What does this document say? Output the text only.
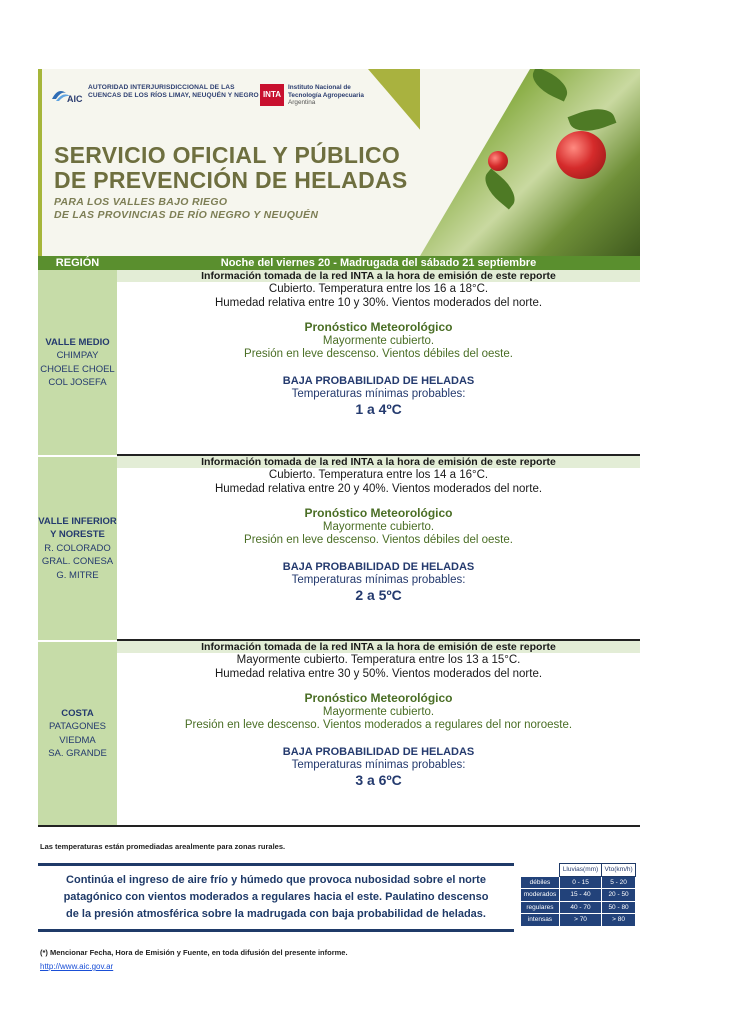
AIC
AUTORIDAD INTERJURISDICCIONAL DE LAS
CUENCAS DE LOS RÍOS LIMAY, NEUQUÉN Y NEGRO INTA
Instituto Nacional de
Tecnología Agropecuaria
Argentina
SERVICIO OFICIAL Y PÚBLICO
DE PREVENCIÓN DE HELADAS
PARA LOS VALLES BAJO RIEGO
DE LAS PROVINCIAS DE RÍO NEGRO Y NEUQUÉN
REGIÓN	Noche del viernes 20 - Madrugada del sábado 21 septiembre
VALLE MEDIO
CHIMPAY
CHOELE CHOEL
COL JOSEFA
Información tomada de la red INTA a la hora de emisión de este reporte
Cubierto. Temperatura entre los 16 a 18°C.
Humedad relativa entre 10 y 30%. Vientos moderados del norte.
Pronóstico Meteorológico
Mayormente cubierto.
Presión en leve descenso. Vientos débiles del oeste.
BAJA PROBABILIDAD DE HELADAS
Temperaturas mínimas probables:
1 a 4ºC
VALLE INFERIOR
Y NORESTE
R. COLORADO
GRAL. CONESA
G. MITRE
Información tomada de la red INTA a la hora de emisión de este reporte
Cubierto. Temperatura entre los 14 a 16°C.
Humedad relativa entre 20 y 40%. Vientos moderados del norte.
Pronóstico Meteorológico
Mayormente cubierto.
Presión en leve descenso. Vientos débiles del oeste.
BAJA PROBABILIDAD DE HELADAS
Temperaturas mínimas probables:
2 a 5ºC
COSTA
PATAGONES
VIEDMA
SA. GRANDE
Información tomada de la red INTA a la hora de emisión de este reporte
Mayormente cubierto. Temperatura entre los 13 a 15°C.
Humedad relativa entre 30 y 50%. Vientos moderados del norte.
Pronóstico Meteorológico
Mayormente cubierto.
Presión en leve descenso. Vientos moderados a regulares del nor noroeste.
BAJA PROBABILIDAD DE HELADAS
Temperaturas mínimas probables:
3 a 6ºC
Las temperaturas están promediadas arealmente para zonas rurales.

Continúa el ingreso de aire frío y húmedo que provoca nubosidad sobre el norte patagónico con vientos moderados a regulares hacia el este. Paulatino descenso de la presión atmosférica sobre la madrugada con baja probabilidad de heladas.

	Lluvias(mm)	Vto(km/h)
débiles	0 - 15	5 - 20
moderados	15 - 40	20 - 50
regulares	40 - 70	50 - 80
intensas	> 70	> 80
(*) Mencionar Fecha, Hora de Emisión y Fuente, en toda difusión del presente informe.
http://www.aic.gov.ar
